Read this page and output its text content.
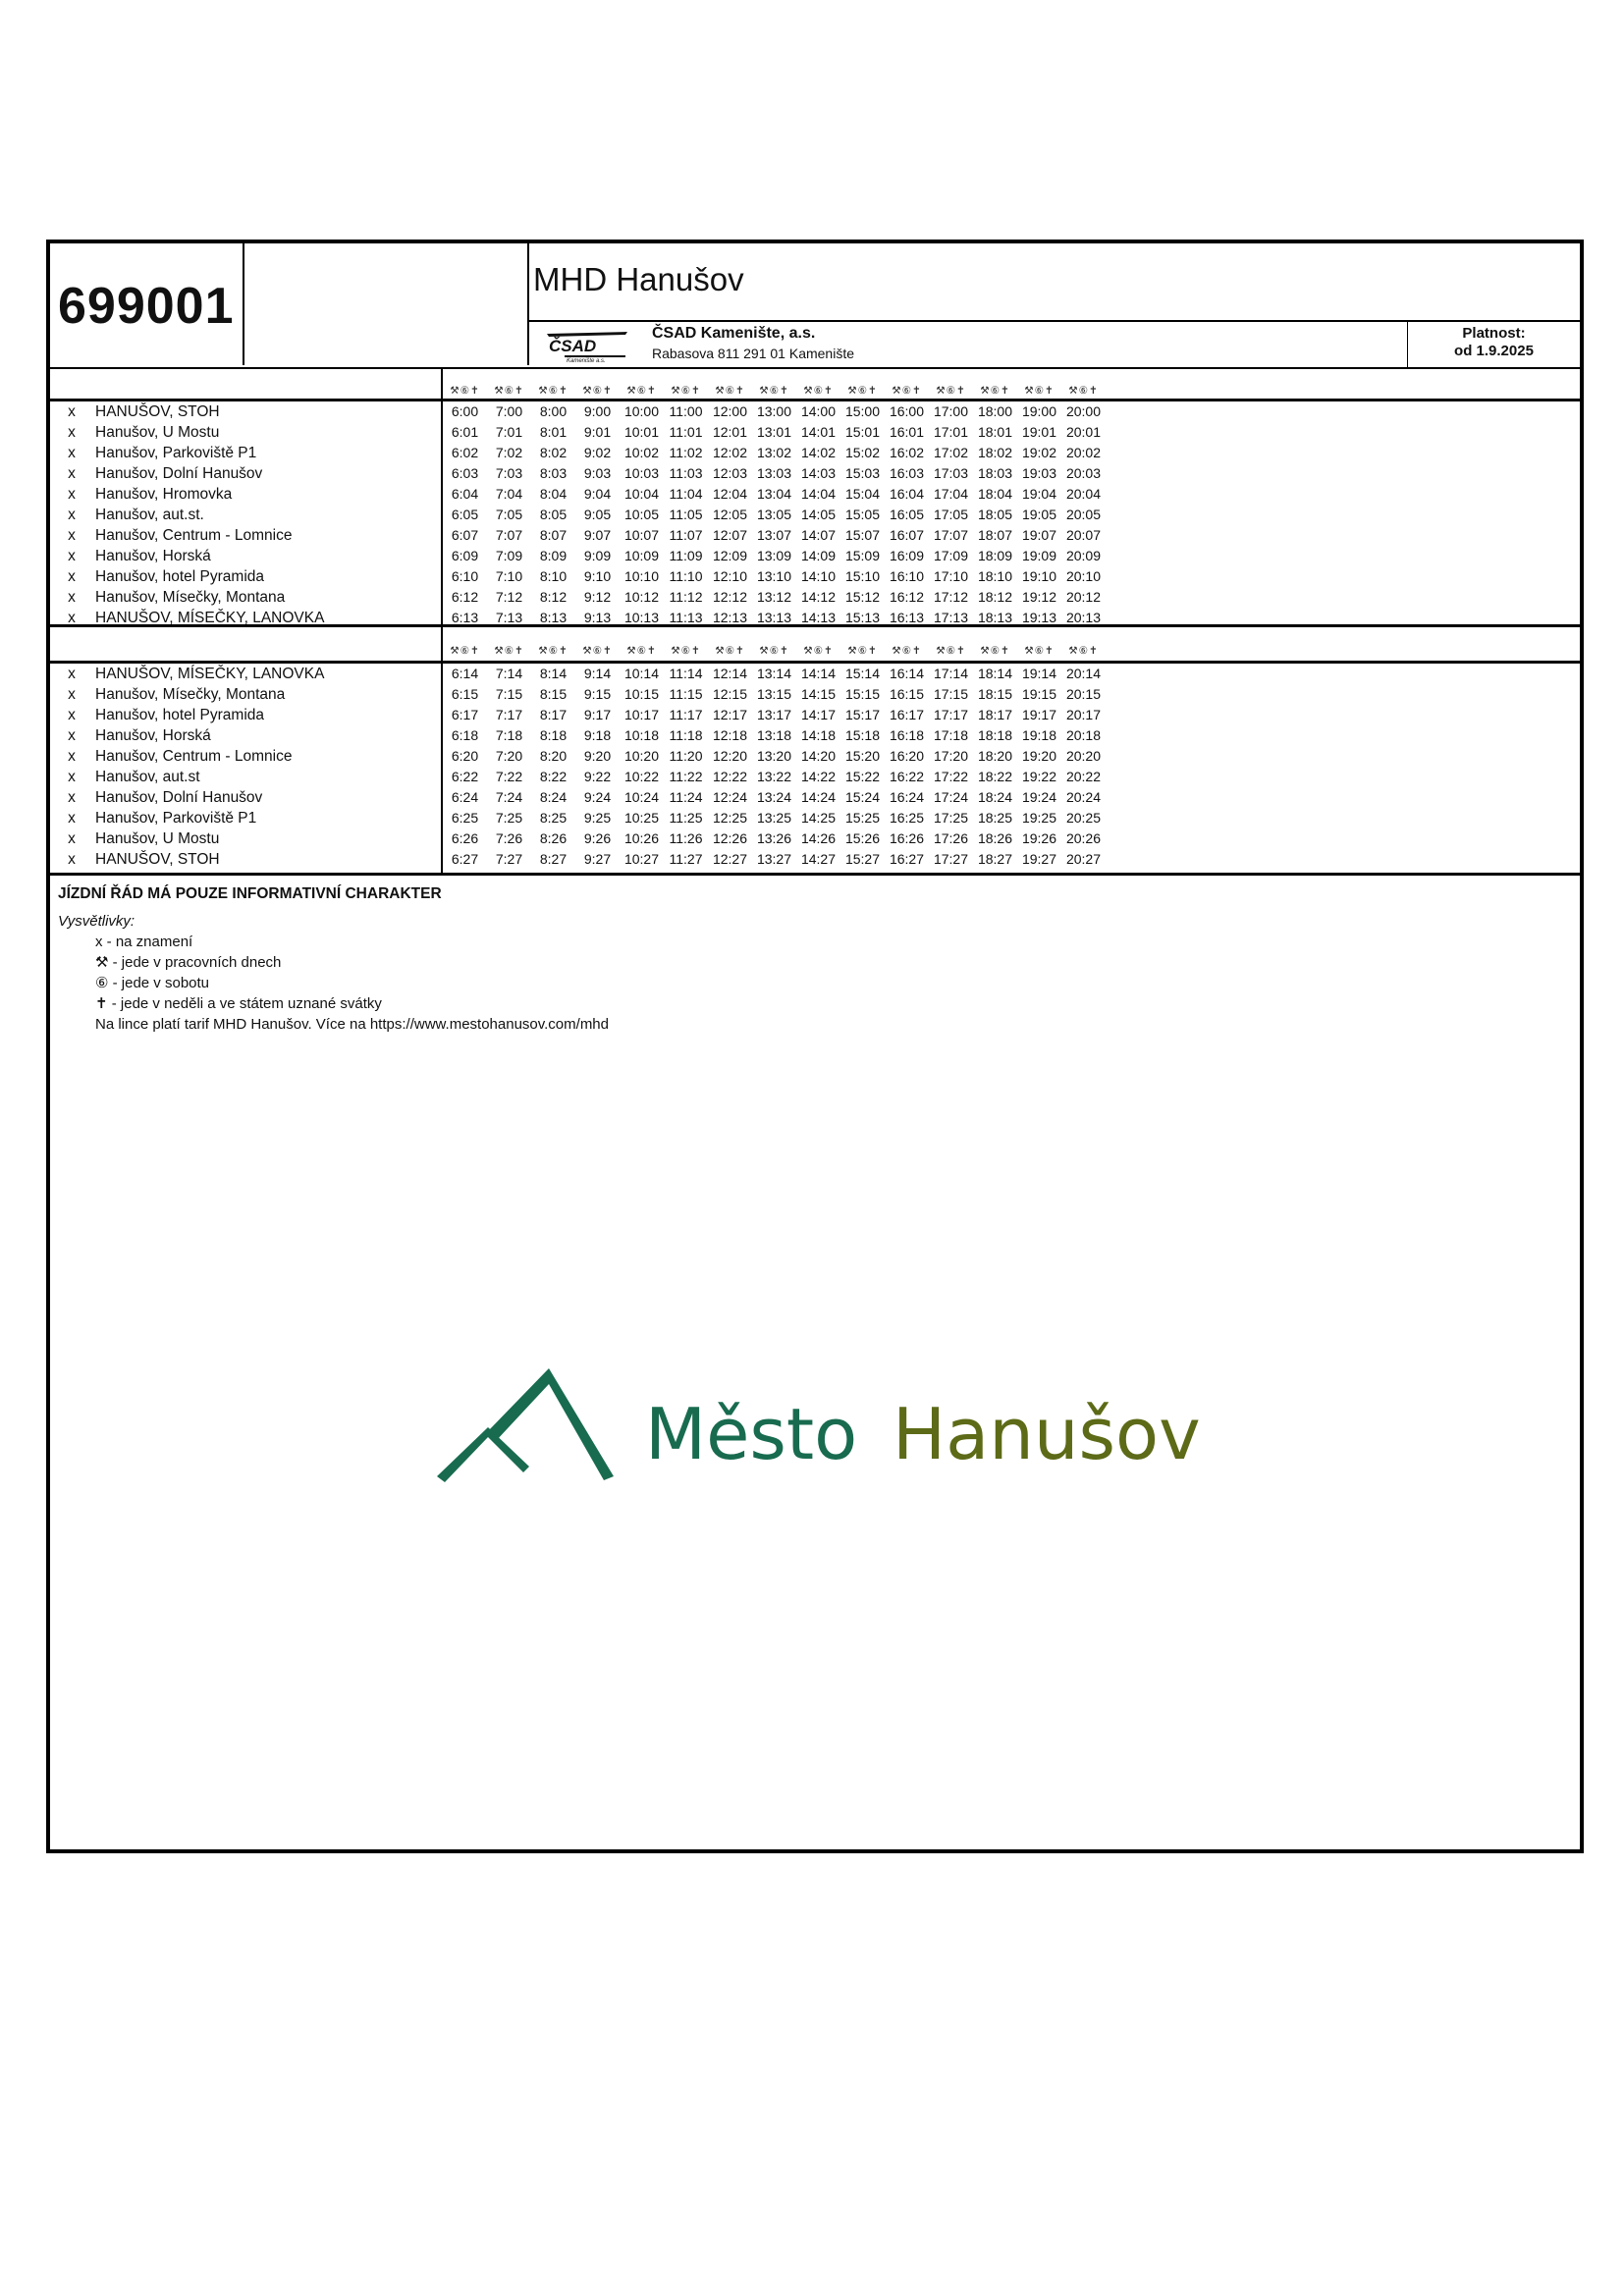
699001	MHD Hanušov
ČSAD
Kamenište a.s.
ČSAD Kamenište, a.s.
Rabasova 811 291 01 Kamenište
Platnost:
od 1.9.2025
⚒⑥✝ ⚒⑥✝ ⚒⑥✝ ⚒⑥✝ ⚒⑥✝ ⚒⑥✝ ⚒⑥✝ ⚒⑥✝ ⚒⑥✝ ⚒⑥✝ ⚒⑥✝ ⚒⑥✝ ⚒⑥✝ ⚒⑥✝ ⚒⑥✝
x HANUŠOV, STOH
x Hanušov, U Mostu
x Hanušov, Parkoviště P1
x Hanušov, Dolní Hanušov
x Hanušov, Hromovka
x Hanušov, aut.st.
x Hanušov, Centrum - Lomnice
x Hanušov, Horská
x Hanušov, hotel Pyramida
x Hanušov, Mísečky, Montana
x HANUŠOV, MÍSEČKY, LANOVKA
6:00 7:00 8:00 9:00 10:00 11:00 12:00 13:00 14:00 15:00 16:00 17:00 18:00 19:00 20:00
6:01 7:01 8:01 9:01 10:01 11:01 12:01 13:01 14:01 15:01 16:01 17:01 18:01 19:01 20:01
6:02 7:02 8:02 9:02 10:02 11:02 12:02 13:02 14:02 15:02 16:02 17:02 18:02 19:02 20:02
6:03 7:03 8:03 9:03 10:03 11:03 12:03 13:03 14:03 15:03 16:03 17:03 18:03 19:03 20:03
6:04 7:04 8:04 9:04 10:04 11:04 12:04 13:04 14:04 15:04 16:04 17:04 18:04 19:04 20:04
6:05 7:05 8:05 9:05 10:05 11:05 12:05 13:05 14:05 15:05 16:05 17:05 18:05 19:05 20:05
6:07 7:07 8:07 9:07 10:07 11:07 12:07 13:07 14:07 15:07 16:07 17:07 18:07 19:07 20:07
6:09 7:09 8:09 9:09 10:09 11:09 12:09 13:09 14:09 15:09 16:09 17:09 18:09 19:09 20:09
6:10 7:10 8:10 9:10 10:10 11:10 12:10 13:10 14:10 15:10 16:10 17:10 18:10 19:10 20:10
6:12 7:12 8:12 9:12 10:12 11:12 12:12 13:12 14:12 15:12 16:12 17:12 18:12 19:12 20:12
6:13 7:13 8:13 9:13 10:13 11:13 12:13 13:13 14:13 15:13 16:13 17:13 18:13 19:13 20:13
⚒⑥✝ ⚒⑥✝ ⚒⑥✝ ⚒⑥✝ ⚒⑥✝ ⚒⑥✝ ⚒⑥✝ ⚒⑥✝ ⚒⑥✝ ⚒⑥✝ ⚒⑥✝ ⚒⑥✝ ⚒⑥✝ ⚒⑥✝ ⚒⑥✝
x HANUŠOV, MÍSEČKY, LANOVKA
x Hanušov, Mísečky, Montana
x Hanušov, hotel Pyramida
x Hanušov, Horská
x Hanušov, Centrum - Lomnice
x Hanušov, aut.st
x Hanušov, Dolní Hanušov
x Hanušov, Parkoviště P1
x Hanušov, U Mostu
x HANUŠOV, STOH
6:14 7:14 8:14 9:14 10:14 11:14 12:14 13:14 14:14 15:14 16:14 17:14 18:14 19:14 20:14
6:15 7:15 8:15 9:15 10:15 11:15 12:15 13:15 14:15 15:15 16:15 17:15 18:15 19:15 20:15
6:17 7:17 8:17 9:17 10:17 11:17 12:17 13:17 14:17 15:17 16:17 17:17 18:17 19:17 20:17
6:18 7:18 8:18 9:18 10:18 11:18 12:18 13:18 14:18 15:18 16:18 17:18 18:18 19:18 20:18
6:20 7:20 8:20 9:20 10:20 11:20 12:20 13:20 14:20 15:20 16:20 17:20 18:20 19:20 20:20
6:22 7:22 8:22 9:22 10:22 11:22 12:22 13:22 14:22 15:22 16:22 17:22 18:22 19:22 20:22
6:24 7:24 8:24 9:24 10:24 11:24 12:24 13:24 14:24 15:24 16:24 17:24 18:24 19:24 20:24
6:25 7:25 8:25 9:25 10:25 11:25 12:25 13:25 14:25 15:25 16:25 17:25 18:25 19:25 20:25
6:26 7:26 8:26 9:26 10:26 11:26 12:26 13:26 14:26 15:26 16:26 17:26 18:26 19:26 20:26
6:27 7:27 8:27 9:27 10:27 11:27 12:27 13:27 14:27 15:27 16:27 17:27 18:27 19:27 20:27
JÍZDNÍ ŘÁD MÁ POUZE INFORMATIVNÍ CHARAKTER
Vysvětlivky:
x - na znamení
⚒ - jede v pracovních dnech
⑥ - jede v sobotu
✝ - jede v neděli a ve státem uznané svátky
Na lince platí tarif MHD Hanušov. Více na https://www.mestohanusov.com/mhd
Město Hanušov
